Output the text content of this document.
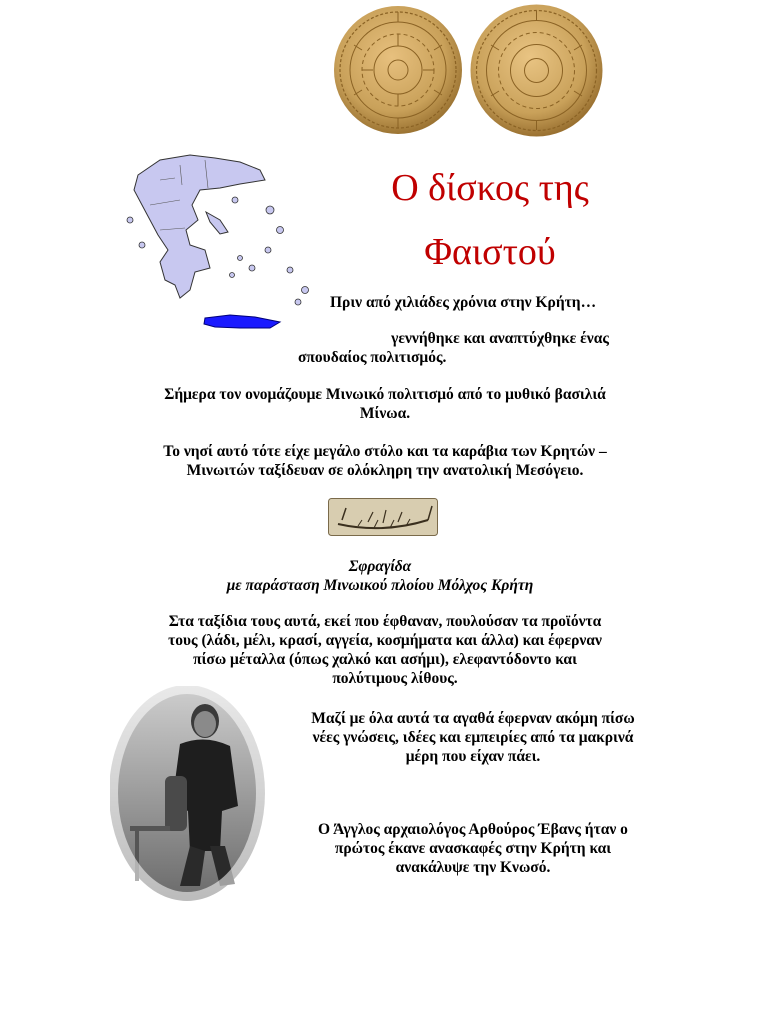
Ο δίσκος της
Φαιστού
Πριν από χιλιάδες χρόνια στην Κρήτη…
γεννήθηκε και αναπτύχθηκε ένας
σπουδαίος πολιτισμός.
Σήμερα τον ονομάζουμε Μινωικό πολιτισμό από το μυθικό βασιλιά
Μίνωα.
Το νησί αυτό τότε είχε μεγάλο στόλο και τα καράβια των Κρητών –
Μινωιτών ταξίδευαν σε ολόκληρη την ανατολική Μεσόγειο.
Σφραγίδα
με παράσταση Μινωικού πλοίου Μόλχος Κρήτη
Στα ταξίδια τους αυτά, εκεί που έφθαναν, πουλούσαν τα προϊόντα
τους (λάδι, μέλι, κρασί, αγγεία, κοσμήματα και άλλα) και έφερναν
πίσω μέταλλα (όπως χαλκό και ασήμι), ελεφαντόδοντο και
πολύτιμους λίθους.
Μαζί με όλα αυτά τα αγαθά έφερναν ακόμη πίσω
νέες γνώσεις, ιδέες και εμπειρίες από τα μακρινά
μέρη που είχαν πάει.
Ο Άγγλος αρχαιολόγος Αρθούρος Έβανς ήταν ο
πρώτος έκανε ανασκαφές στην Κρήτη και
ανακάλυψε την Κνωσό.
